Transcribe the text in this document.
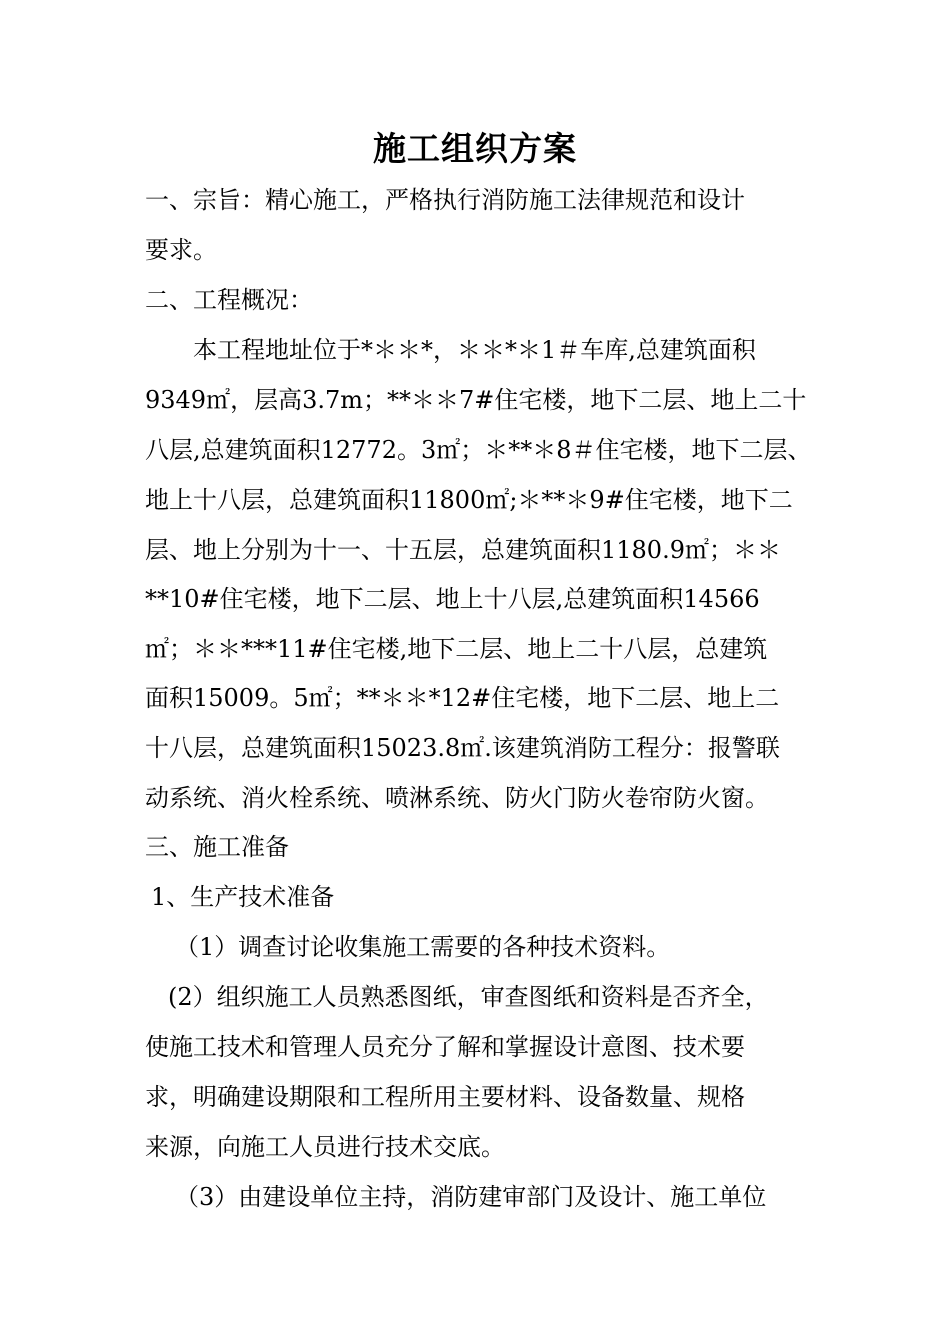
施工组织方案
一、宗旨：精心施工，严格执行消防施工法律规范和设计
要求。
二、工程概况：
本工程地址位于*＊＊*，＊＊*＊1＃车库,总建筑面积
9349㎡，层高3.7m；**＊＊7#住宅楼，地下二层、地上二十
八层,总建筑面积12772。3㎡；＊**＊8＃住宅楼，地下二层、
地上十八层，总建筑面积11800㎡;＊**＊9#住宅楼，地下二
层、地上分别为十一、十五层，总建筑面积1180.9㎡；＊＊
**10#住宅楼，地下二层、地上十八层,总建筑面积14566
㎡；＊＊***11#住宅楼,地下二层、地上二十八层，总建筑
面积15009。5㎡；**＊＊*12#住宅楼，地下二层、地上二
十八层，总建筑面积15023.8㎡.该建筑消防工程分：报警联
动系统、消火栓系统、喷淋系统、防火门防火卷帘防火窗。
三、施工准备
1、生产技术准备
（1）调查讨论收集施工需要的各种技术资料。
(2）组织施工人员熟悉图纸，审查图纸和资料是否齐全，
使施工技术和管理人员充分了解和掌握设计意图、技术要
求，明确建设期限和工程所用主要材料、设备数量、规格
来源，向施工人员进行技术交底。
（3）由建设单位主持，消防建审部门及设计、施工单位
